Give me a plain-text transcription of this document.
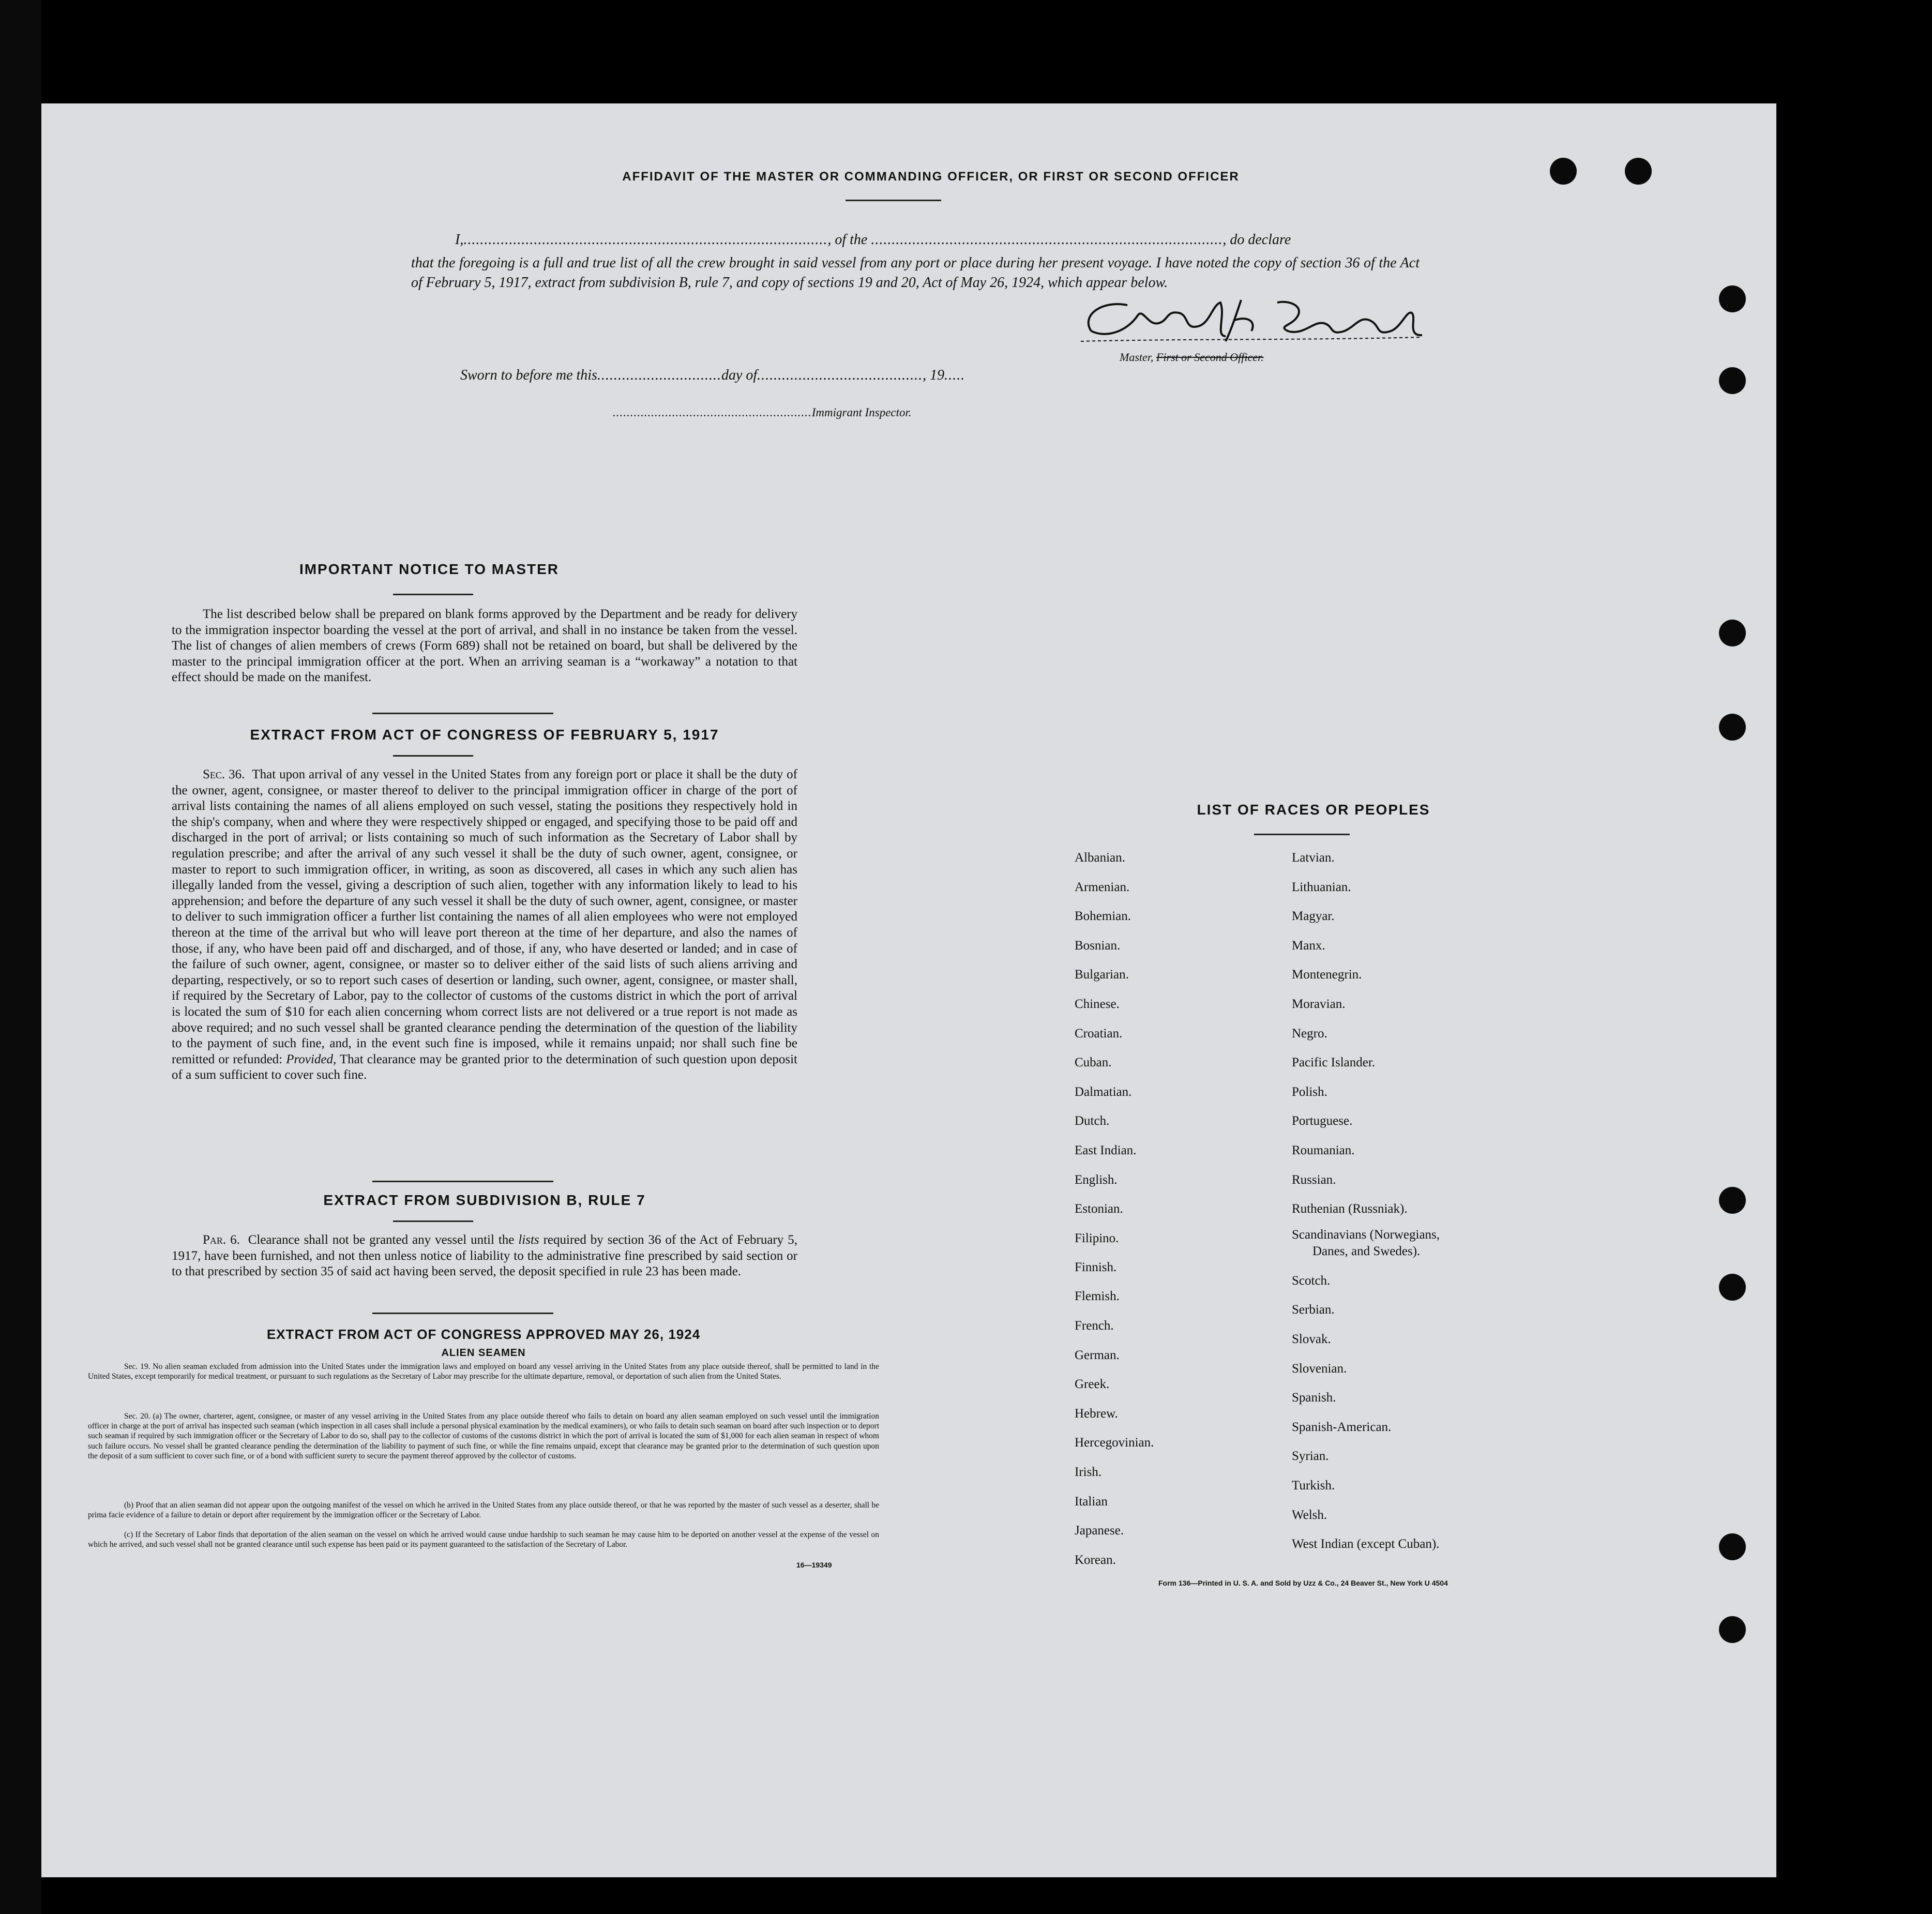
AFFIDAVIT OF THE MASTER OR COMMANDING OFFICER, OR FIRST OR SECOND OFFICER
I,........................................................................................, of the ....................................................................................., do declare
that the foregoing is a full and true list of all the crew brought in said vessel from any port or place during her present voyage. I have noted the copy of section 36 of the Act of February 5, 1917, extract from subdivision B, rule 7, and copy of sections 19 and 20, Act of May 26, 1924, which appear below.
Master, First or Second Officer.
Sworn to before me this..............................day of........................................, 19.....
.........................................................Immigrant Inspector.
IMPORTANT NOTICE TO MASTER
The list described below shall be prepared on blank forms approved by the Department and be ready for delivery to the immigration inspector boarding the vessel at the port of arrival, and shall in no instance be taken from the vessel. The list of changes of alien members of crews (Form 689) shall not be retained on board, but shall be delivered by the master to the principal immigration officer at the port. When an arriving seaman is a “workaway” a notation to that effect should be made on the manifest.
EXTRACT FROM ACT OF CONGRESS OF FEBRUARY 5, 1917
Sec. 36. That upon arrival of any vessel in the United States from any foreign port or place it shall be the duty of the owner, agent, consignee, or master thereof to deliver to the principal immigration officer in charge of the port of arrival lists containing the names of all aliens employed on such vessel, stating the positions they respectively hold in the ship's company, when and where they were respectively shipped or engaged, and specifying those to be paid off and discharged in the port of arrival; or lists containing so much of such information as the Secretary of Labor shall by regulation prescribe; and after the arrival of any such vessel it shall be the duty of such owner, agent, consignee, or master to report to such immigration officer, in writing, as soon as discovered, all cases in which any such alien has illegally landed from the vessel, giving a description of such alien, together with any information likely to lead to his apprehension; and before the departure of any such vessel it shall be the duty of such owner, agent, consignee, or master to deliver to such immigration officer a further list containing the names of all alien employees who were not employed thereon at the time of the arrival but who will leave port thereon at the time of her departure, and also the names of those, if any, who have been paid off and discharged, and of those, if any, who have deserted or landed; and in case of the failure of such owner, agent, consignee, or master so to deliver either of the said lists of such aliens arriving and departing, respectively, or so to report such cases of desertion or landing, such owner, agent, consignee, or master shall, if required by the Secretary of Labor, pay to the collector of customs of the customs district in which the port of arrival is located the sum of $10 for each alien concerning whom correct lists are not delivered or a true report is not made as above required; and no such vessel shall be granted clearance pending the determination of the question of the liability to the payment of such fine, and, in the event such fine is imposed, while it remains unpaid; nor shall such fine be remitted or refunded: Provided, That clearance may be granted prior to the determination of such question upon deposit of a sum sufficient to cover such fine.
EXTRACT FROM SUBDIVISION B, RULE 7
Par. 6. Clearance shall not be granted any vessel until the lists required by section 36 of the Act of February 5, 1917, have been furnished, and not then unless notice of liability to the administrative fine prescribed by said section or to that prescribed by section 35 of said act having been served, the deposit specified in rule 23 has been made.
EXTRACT FROM ACT OF CONGRESS APPROVED MAY 26, 1924
ALIEN SEAMEN
Sec. 19. No alien seaman excluded from admission into the United States under the immigration laws and employed on board any vessel arriving in the United States from any place outside thereof, shall be permitted to land in the United States, except temporarily for medical treatment, or pursuant to such regulations as the Secretary of Labor may prescribe for the ultimate departure, removal, or deportation of such alien from the United States.
Sec. 20. (a) The owner, charterer, agent, consignee, or master of any vessel arriving in the United States from any place outside thereof who fails to detain on board any alien seaman employed on such vessel until the immigration officer in charge at the port of arrival has inspected such seaman (which inspection in all cases shall include a personal physical examination by the medical examiners), or who fails to detain such seaman on board after such inspection or to deport such seaman if required by such immigration officer or the Secretary of Labor to do so, shall pay to the collector of customs of the customs district in which the port of arrival is located the sum of $1,000 for each alien seaman in respect of whom such failure occurs. No vessel shall be granted clearance pending the determination of the liability to payment of such fine, or while the fine remains unpaid, except that clearance may be granted prior to the determination of such question upon the deposit of a sum sufficient to cover such fine, or of a bond with sufficient surety to secure the payment thereof approved by the collector of customs.
(b) Proof that an alien seaman did not appear upon the outgoing manifest of the vessel on which he arrived in the United States from any place outside thereof, or that he was reported by the master of such vessel as a deserter, shall be prima facie evidence of a failure to detain or deport after requirement by the immigration officer or the Secretary of Labor.
(c) If the Secretary of Labor finds that deportation of the alien seaman on the vessel on which he arrived would cause undue hardship to such seaman he may cause him to be deported on another vessel at the expense of the vessel on which he arrived, and such vessel shall not be granted clearance until such expense has been paid or its payment guaranteed to the satisfaction of the Secretary of Labor.
16—19349
LIST OF RACES OR PEOPLES
Form 136—Printed in U. S. A. and Sold by Uzz & Co., 24 Beaver St., New York U 4504
Albanian.
Armenian.
Bohemian.
Bosnian.
Bulgarian.
Chinese.
Croatian.
Cuban.
Dalmatian.
Dutch.
East Indian.
English.
Estonian.
Filipino.
Finnish.
Flemish.
French.
German.
Greek.
Hebrew.
Hercegovinian.
Irish.
Italian
Japanese.
Korean.
Latvian.
Lithuanian.
Magyar.
Manx.
Montenegrin.
Moravian.
Negro.
Pacific Islander.
Polish.
Portuguese.
Roumanian.
Russian.
Ruthenian (Russniak).
Scandinavians (Norwegians,
Danes, and Swedes).
Scotch.
Serbian.
Slovak.
Slovenian.
Spanish.
Spanish-American.
Syrian.
Turkish.
Welsh.
West Indian (except Cuban).
